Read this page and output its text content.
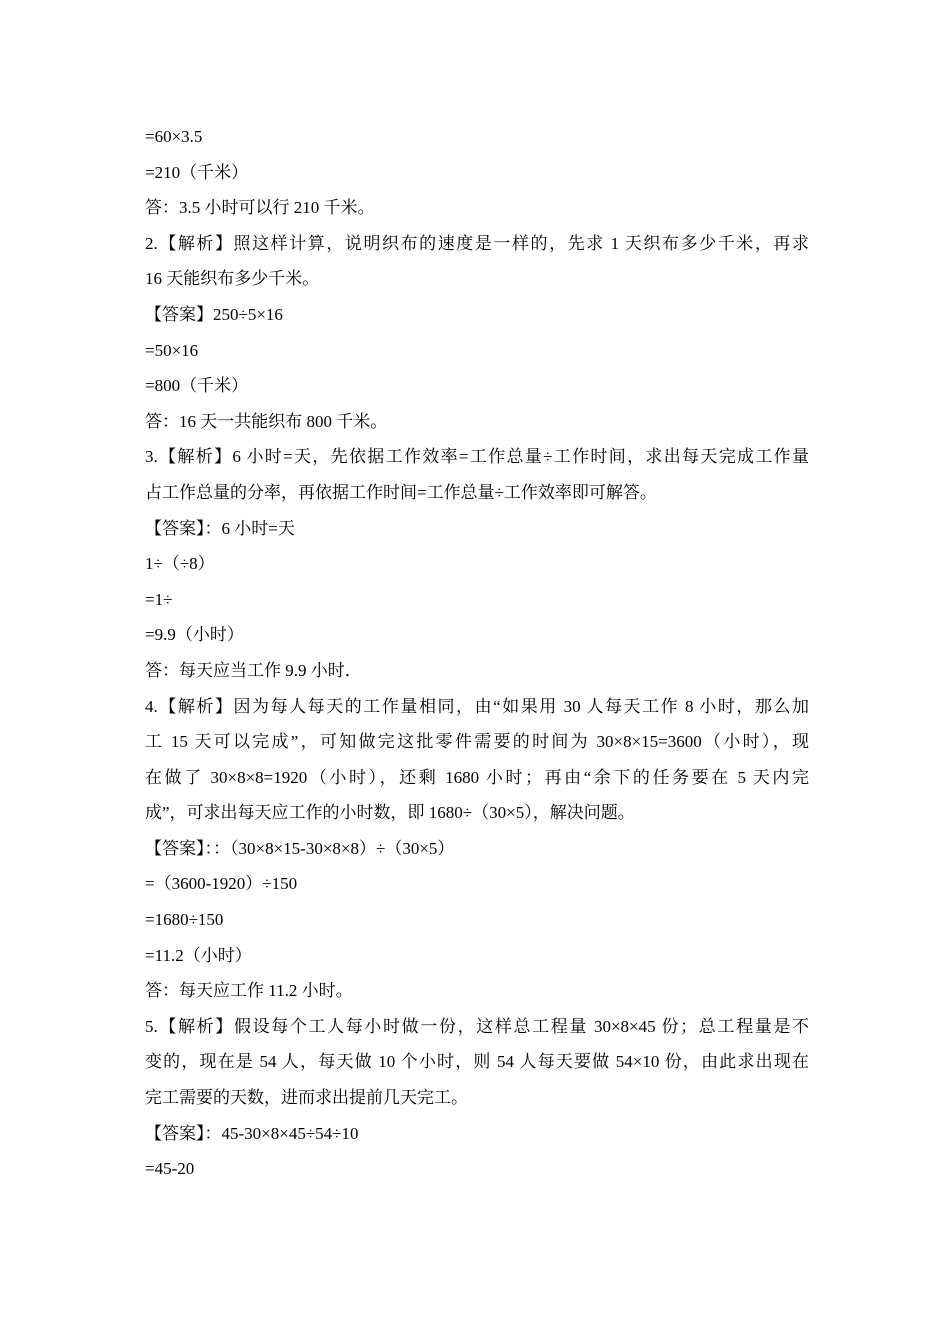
=60×3.5
=210（千米）
答：3.5 小时可以行 210 千米。
2.【解析】照这样计算，说明织布的速度是一样的，先求 1 天织布多少千米，再求
16 天能织布多少千米。
【答案】250÷5×16
=50×16
=800（千米）
答：16 天一共能织布 800 千米。
3.【解析】6 小时=天，先依据工作效率=工作总量÷工作时间，求出每天完成工作量
占工作总量的分率，再依据工作时间=工作总量÷工作效率即可解答。
【答案】：6 小时=天
1÷（÷8）
=1÷
=9.9（小时）
答：每天应当工作 9.9 小时．
4.【解析】因为每人每天的工作量相同，由“如果用 30 人每天工作 8 小时，那么加
工 15 天可以完成”，可知做完这批零件需要的时间为 30×8×15=3600（小时），现
在做了 30×8×8=1920（小时），还剩 1680 小时；再由“余下的任务要在 5 天内完
成”，可求出每天应工作的小时数，即 1680÷（30×5），解决问题。
【答案】：：（30×8×15-30×8×8）÷（30×5）
=（3600-1920）÷150
=1680÷150
=11.2（小时）
答：每天应工作 11.2 小时。
5.【解析】假设每个工人每小时做一份，这样总工程量 30×8×45 份；总工程量是不
变的，现在是 54 人，每天做 10 个小时，则 54 人每天要做 54×10 份，由此求出现在
完工需要的天数，进而求出提前几天完工。
【答案】：45-30×8×45÷54÷10
=45-20
